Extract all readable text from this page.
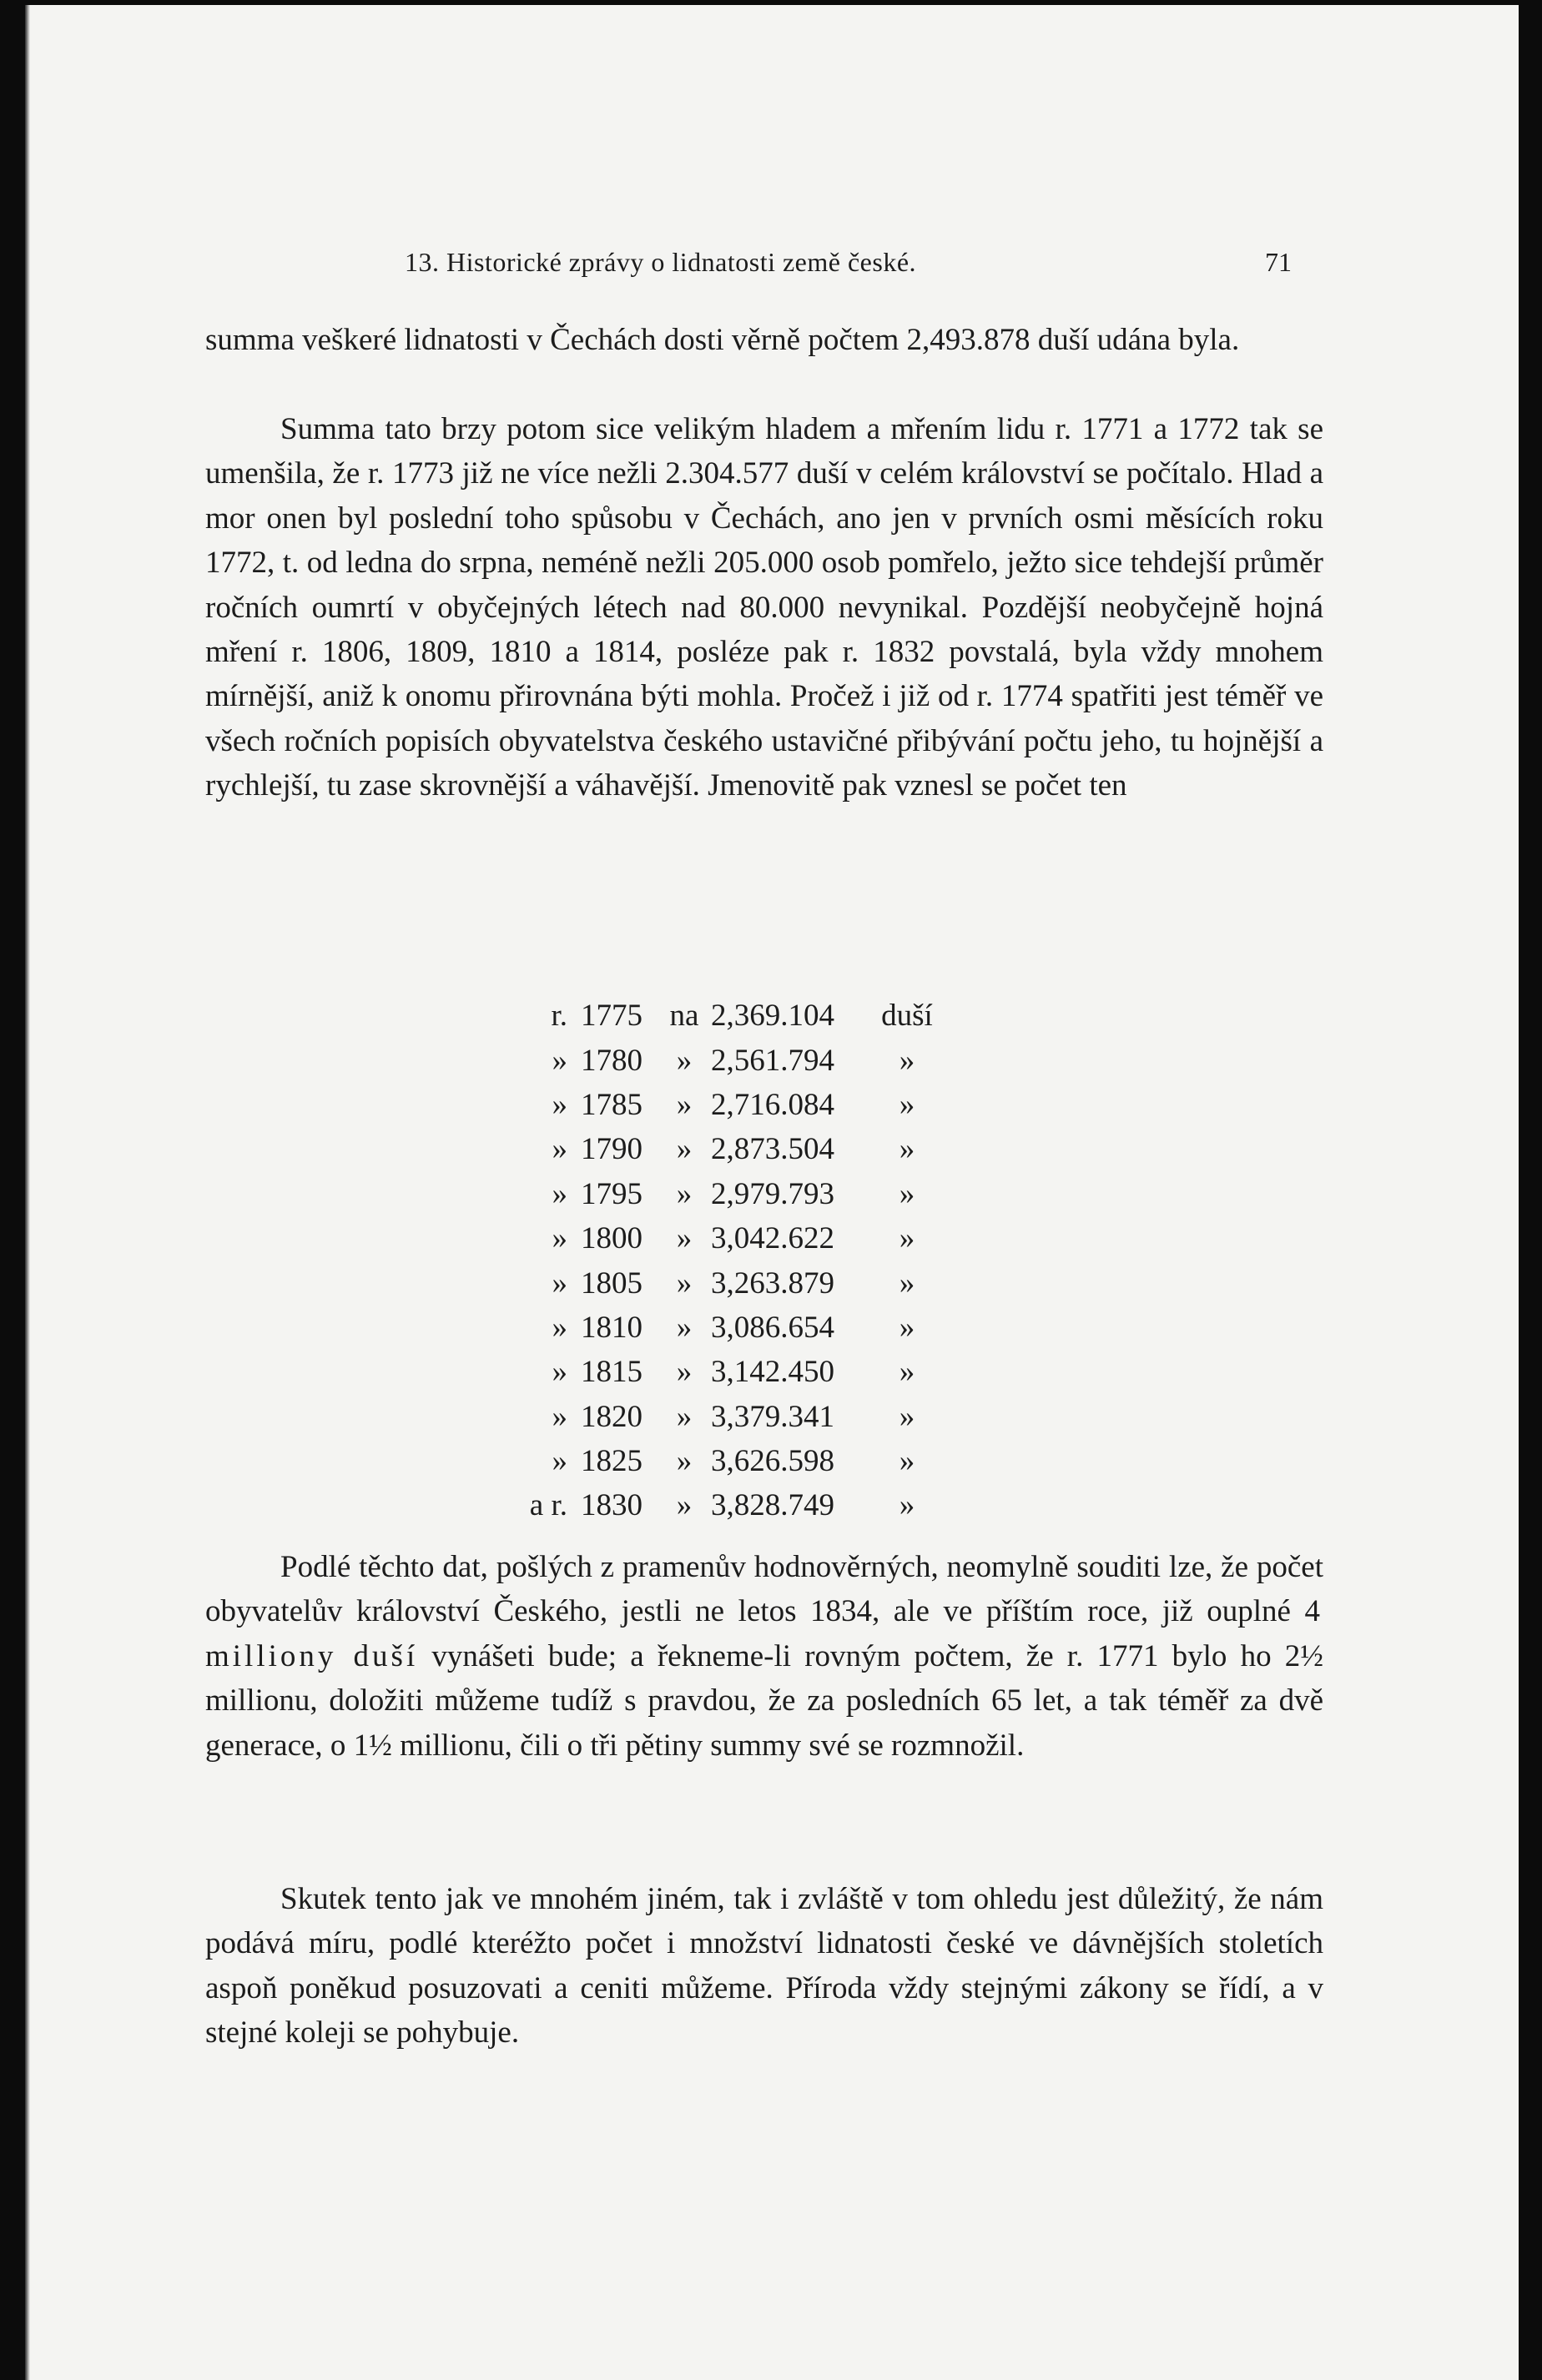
13. Historické zprávy o lidnatosti země české.	71

summa veškeré lidnatosti v Čechách dosti věrně počtem 2,493.878 duší udána byla.

Summa tato brzy potom sice velikým hladem a mřením lidu r. 1771 a 1772 tak se umenšila, že r. 1773 již ne více nežli 2.304.577 duší v celém království se počítalo. Hlad a mor onen byl poslední toho spůsobu v Čechách, ano jen v prvních osmi měsících roku 1772, t. od ledna do srpna, neméně nežli 205.000 osob pomřelo, ježto sice tehdejší průměr ročních oumrtí v obyčejných létech nad 80.000 nevynikal. Pozdější neobyčejně hojná mření r. 1806, 1809, 1810 a 1814, posléze pak r. 1832 povstalá, byla vždy mnohem mírnější, aniž k onomu přirovnána býti mohla. Pročež i již od r. 1774 spatřiti jest téměř ve všech ročních popisích obyvatelstva českého ustavičné přibývání počtu jeho, tu hojnější a rychlejší, tu zase skrovnější a váhavější. Jmenovitě pak vznesl se počet ten

r.	1775	na	2,369.104	duší
»	1780	»	2,561.794	»
»	1785	»	2,716.084	»
»	1790	»	2,873.504	»
»	1795	»	2,979.793	»
»	1800	»	3,042.622	»
»	1805	»	3,263.879	»
»	1810	»	3,086.654	»
»	1815	»	3,142.450	»
»	1820	»	3,379.341	»
»	1825	»	3,626.598	»
a r.	1830	»	3,828.749	»

Podlé těchto dat, pošlých z pramenův hodnověrných, neomylně souditi lze, že počet obyvatelův království Českého, jestli ne letos 1834, ale ve příštím roce, již ouplné 4 milliony duší vynášeti bude; a řekneme-li rovným počtem, že r. 1771 bylo ho 2½ millionu, doložiti můžeme tudíž s pravdou, že za posledních 65 let, a tak téměř za dvě generace, o 1½ millionu, čili o tři pětiny summy své se rozmnožil.

Skutek tento jak ve mnohém jiném, tak i zvláště v tom ohledu jest důležitý, že nám podává míru, podlé kteréžto počet i množství lidnatosti české ve dávnějších stoletích aspoň poněkud posuzovati a ceniti můžeme. Příroda vždy stejnými zákony se řídí, a v stejné koleji se pohybuje.
